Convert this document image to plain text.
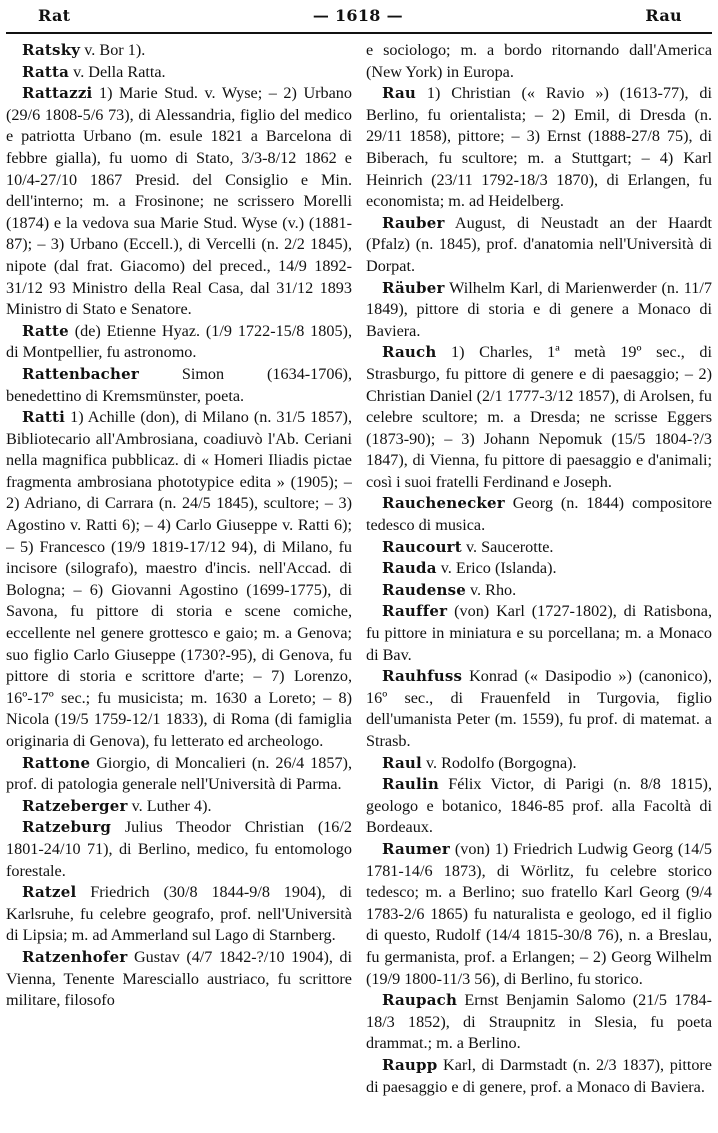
Rat	— 1618 —	Rau

Ratsky v. Bor 1).

Ratta v. Della Ratta.

Rattazzi 1) Marie Stud. v. Wyse; – 2) Urbano (29/6 1808-5/6 73), di Alessandria, figlio del medico e patriotta Urbano (m. esule 1821 a Barcelona di febbre gialla), fu uomo di Stato, 3/3-8/12 1862 e 10/4-27/10 1867 Presid. del Consiglio e Min. dell'interno; m. a Frosinone; ne scrissero Morelli (1874) e la vedova sua Marie Stud. Wyse (v.) (1881-87); – 3) Urbano (Eccell.), di Vercelli (n. 2/2 1845), nipote (dal frat. Giacomo) del preced., 14/9 1892-31/12 93 Ministro della Real Casa, dal 31/12 1893 Ministro di Stato e Senatore.

Ratte (de) Etienne Hyaz. (1/9 1722-15/8 1805), di Montpellier, fu astronomo.

Rattenbacher Simon (1634-1706), benedettino di Kremsmünster, poeta.

Ratti 1) Achille (don), di Milano (n. 31/5 1857), Bibliotecario all'Ambrosiana, coadiuvò l'Ab. Ceriani nella magnifica pubblicaz. di « Homeri Iliadis pictae fragmenta ambrosiana phototypice edita » (1905); – 2) Adriano, di Carrara (n. 24/5 1845), scultore; – 3) Agostino v. Ratti 6); – 4) Carlo Giuseppe v. Ratti 6); – 5) Francesco (19/9 1819-17/12 94), di Milano, fu incisore (silografo), maestro d'incis. nell'Accad. di Bologna; – 6) Giovanni Agostino (1699-1775), di Savona, fu pittore di storia e scene comiche, eccellente nel genere grottesco e gaio; m. a Genova; suo figlio Carlo Giuseppe (1730?-95), di Genova, fu pittore di storia e scrittore d'arte; – 7) Lorenzo, 16º-17º sec.; fu musicista; m. 1630 a Loreto; – 8) Nicola (19/5 1759-12/1 1833), di Roma (di famiglia originaria di Genova), fu letterato ed archeologo.

Rattone Giorgio, di Moncalieri (n. 26/4 1857), prof. di patologia generale nell'Università di Parma.

Ratzeberger v. Luther 4).

Ratzeburg Julius Theodor Christian (16/2 1801-24/10 71), di Berlino, medico, fu entomologo forestale.

Ratzel Friedrich (30/8 1844-9/8 1904), di Karlsruhe, fu celebre geografo, prof. nell'Università di Lipsia; m. ad Ammerland sul Lago di Starnberg.

Ratzenhofer Gustav (4/7 1842-?/10 1904), di Vienna, Tenente Maresciallo austriaco, fu scrittore militare, filosofo

e sociologo; m. a bordo ritornando dall'America (New York) in Europa.

Rau 1) Christian (« Ravio ») (1613-77), di Berlino, fu orientalista; – 2) Emil, di Dresda (n. 29/11 1858), pittore; – 3) Ernst (1888-27/8 75), di Biberach, fu scultore; m. a Stuttgart; – 4) Karl Heinrich (23/11 1792-18/3 1870), di Erlangen, fu economista; m. ad Heidelberg.

Rauber August, di Neustadt an der Haardt (Pfalz) (n. 1845), prof. d'anatomia nell'Università di Dorpat.

Räuber Wilhelm Karl, di Marienwerder (n. 11/7 1849), pittore di storia e di genere a Monaco di Baviera.

Rauch 1) Charles, 1ª metà 19º sec., di Strasburgo, fu pittore di genere e di paesaggio; – 2) Christian Daniel (2/1 1777-3/12 1857), di Arolsen, fu celebre scultore; m. a Dresda; ne scrisse Eggers (1873-90); – 3) Johann Nepomuk (15/5 1804-?/3 1847), di Vienna, fu pittore di paesaggio e d'animali; così i suoi fratelli Ferdinand e Joseph.

Rauchenecker Georg (n. 1844) compositore tedesco di musica.

Raucourt v. Saucerotte.

Rauda v. Erico (Islanda).

Raudense v. Rho.

Rauffer (von) Karl (1727-1802), di Ratisbona, fu pittore in miniatura e su porcellana; m. a Monaco di Bav.

Rauhfuss Konrad (« Dasipodio ») (canonico), 16º sec., di Frauenfeld in Turgovia, figlio dell'umanista Peter (m. 1559), fu prof. di matemat. a Strasb.

Raul v. Rodolfo (Borgogna).

Raulin Félix Victor, di Parigi (n. 8/8 1815), geologo e botanico, 1846-85 prof. alla Facoltà di Bordeaux.

Raumer (von) 1) Friedrich Ludwig Georg (14/5 1781-14/6 1873), di Wörlitz, fu celebre storico tedesco; m. a Berlino; suo fratello Karl Georg (9/4 1783-2/6 1865) fu naturalista e geologo, ed il figlio di questo, Rudolf (14/4 1815-30/8 76), n. a Breslau, fu germanista, prof. a Erlangen; – 2) Georg Wilhelm (19/9 1800-11/3 56), di Berlino, fu storico.

Raupach Ernst Benjamin Salomo (21/5 1784-18/3 1852), di Straupnitz in Slesia, fu poeta drammat.; m. a Berlino.

Raupp Karl, di Darmstadt (n. 2/3 1837), pittore di paesaggio e di genere, prof. a Monaco di Baviera.
